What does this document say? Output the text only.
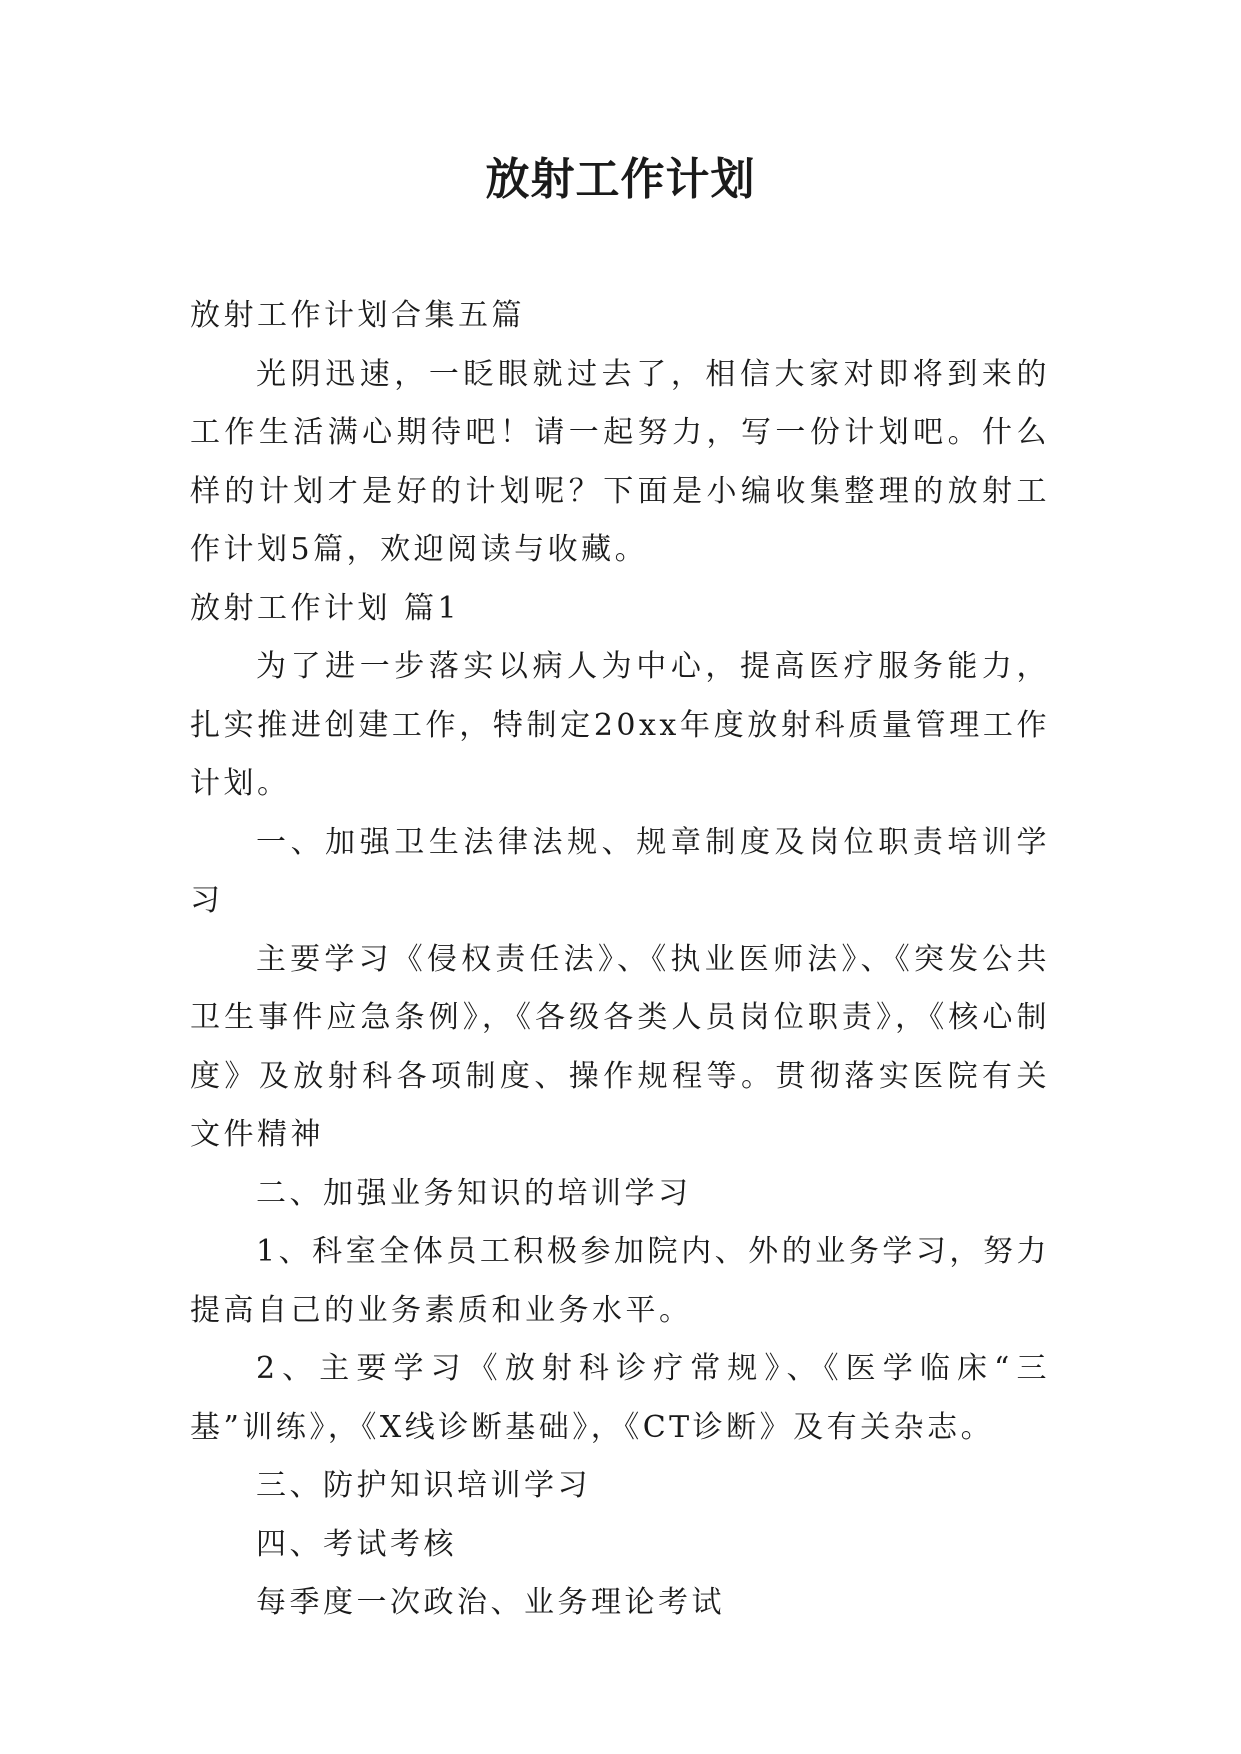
放射工作计划

放射工作计划合集五篇

光阴迅速，一眨眼就过去了，相信大家对即将到来的工作生活满心期待吧！请一起努力，写一份计划吧。什么样的计划才是好的计划呢？下面是小编收集整理的放射工作计划5篇，欢迎阅读与收藏。

放射工作计划 篇1

为了进一步落实以病人为中心，提高医疗服务能力，扎实推进创建工作，特制定20xx年度放射科质量管理工作计划。

一、加强卫生法律法规、规章制度及岗位职责培训学习

主要学习《侵权责任法》、《执业医师法》、《突发公共卫生事件应急条例》，《各级各类人员岗位职责》，《核心制度》及放射科各项制度、操作规程等。贯彻落实医院有关文件精神

二、加强业务知识的培训学习

1、科室全体员工积极参加院内、外的业务学习，努力提高自己的业务素质和业务水平。

2、主要学习《放射科诊疗常规》、《医学临床“三基”训练》，《X线诊断基础》，《CT诊断》及有关杂志。

三、防护知识培训学习

四、考试考核

每季度一次政治、业务理论考试
